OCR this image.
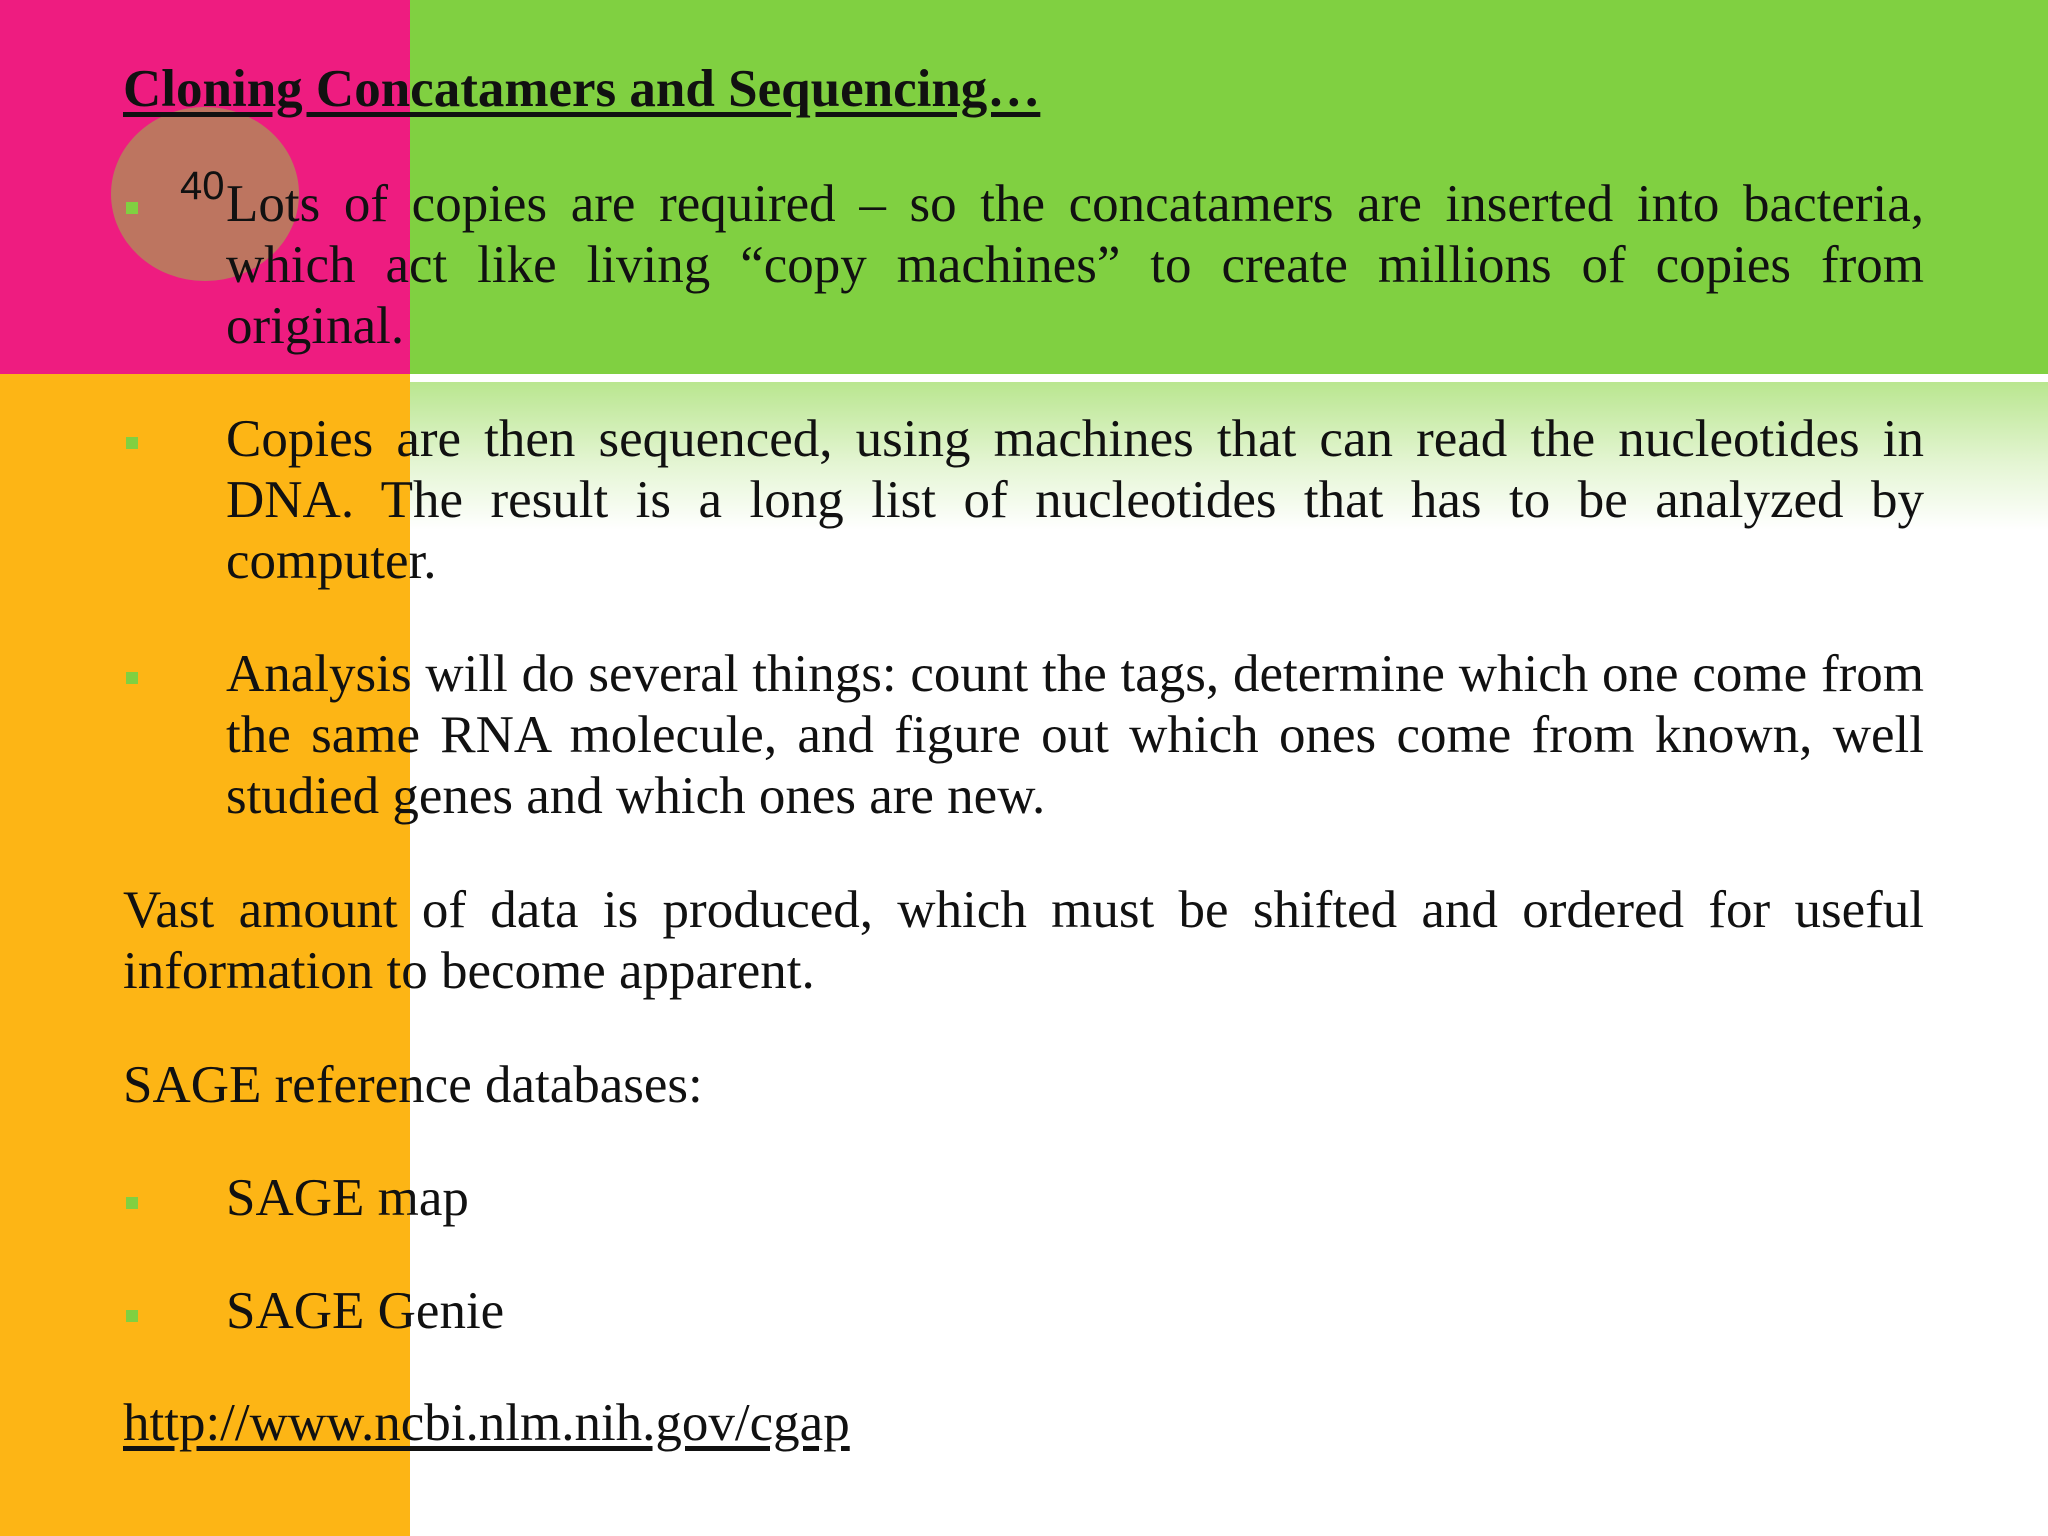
Cloning Concatamers and Sequencing…
40 Lots of copies are required – so the concatamers are inserted into bacteria, which act like living “copy machines” to create millions of copies from original.
Copies are then sequenced, using machines that can read the nucleotides in DNA. The result is a long list of nucleotides that has to be analyzed by computer.
Analysis will do several things: count the tags, determine which one come from the same RNA molecule, and figure out which ones come from known, well studied genes and which ones are new.
Vast amount of data is produced, which must be shifted and ordered for useful information to become apparent.
SAGE reference databases:
SAGE map
SAGE Genie
http://www.ncbi.nlm.nih.gov/cgap
